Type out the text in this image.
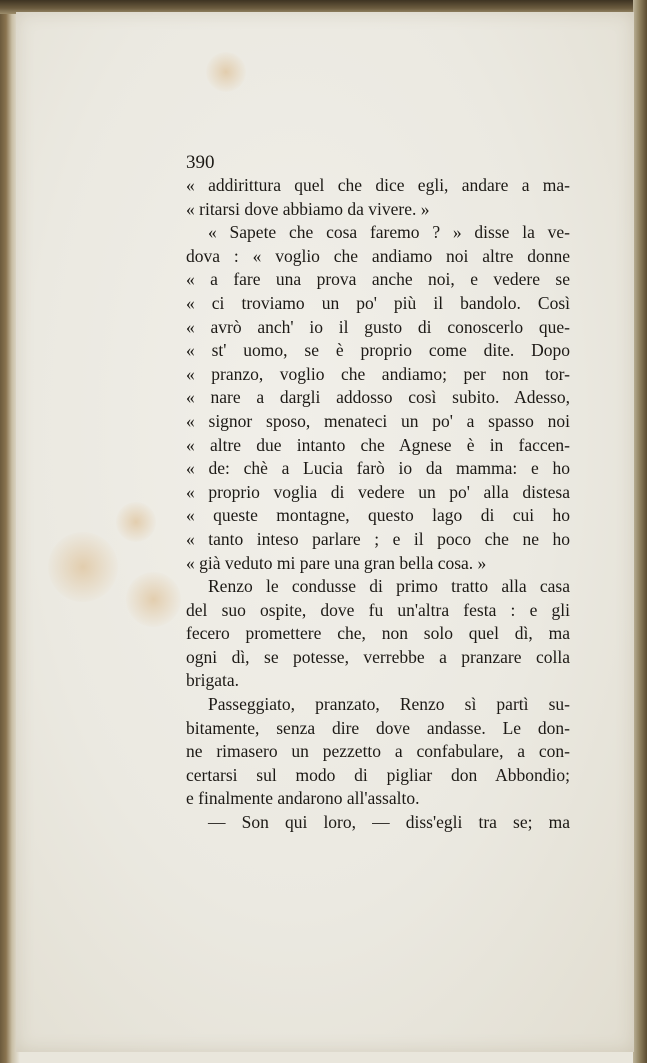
390
« addirittura quel che dice egli, andare a ma-
« ritarsi dove abbiamo da vivere. »
« Sapete che cosa faremo ? » disse la ve-
dova : « voglio che andiamo noi altre donne
« a fare una prova anche noi, e vedere se
« ci troviamo un po' più il bandolo. Così
« avrò anch' io il gusto di conoscerlo que-
« st' uomo, se è proprio come dite. Dopo
« pranzo, voglio che andiamo; per non tor-
« nare a dargli addosso così subito. Adesso,
« signor sposo, menateci un po' a spasso noi
« altre due intanto che Agnese è in faccen-
« de: chè a Lucia farò io da mamma: e ho
« proprio voglia di vedere un po' alla distesa
« queste montagne, questo lago di cui ho
« tanto inteso parlare ; e il poco che ne ho
« già veduto mi pare una gran bella cosa. »
Renzo le condusse di primo tratto alla casa
del suo ospite, dove fu un'altra festa : e gli
fecero promettere che, non solo quel dì, ma
ogni dì, se potesse, verrebbe a pranzare colla
brigata.
Passeggiato, pranzato, Renzo sì partì su-
bitamente, senza dire dove andasse. Le don-
ne rimasero un pezzetto a confabulare, a con-
certarsi sul modo di pigliar don Abbondio;
e finalmente andarono all'assalto.
— Son qui loro, — diss'egli tra se; ma
